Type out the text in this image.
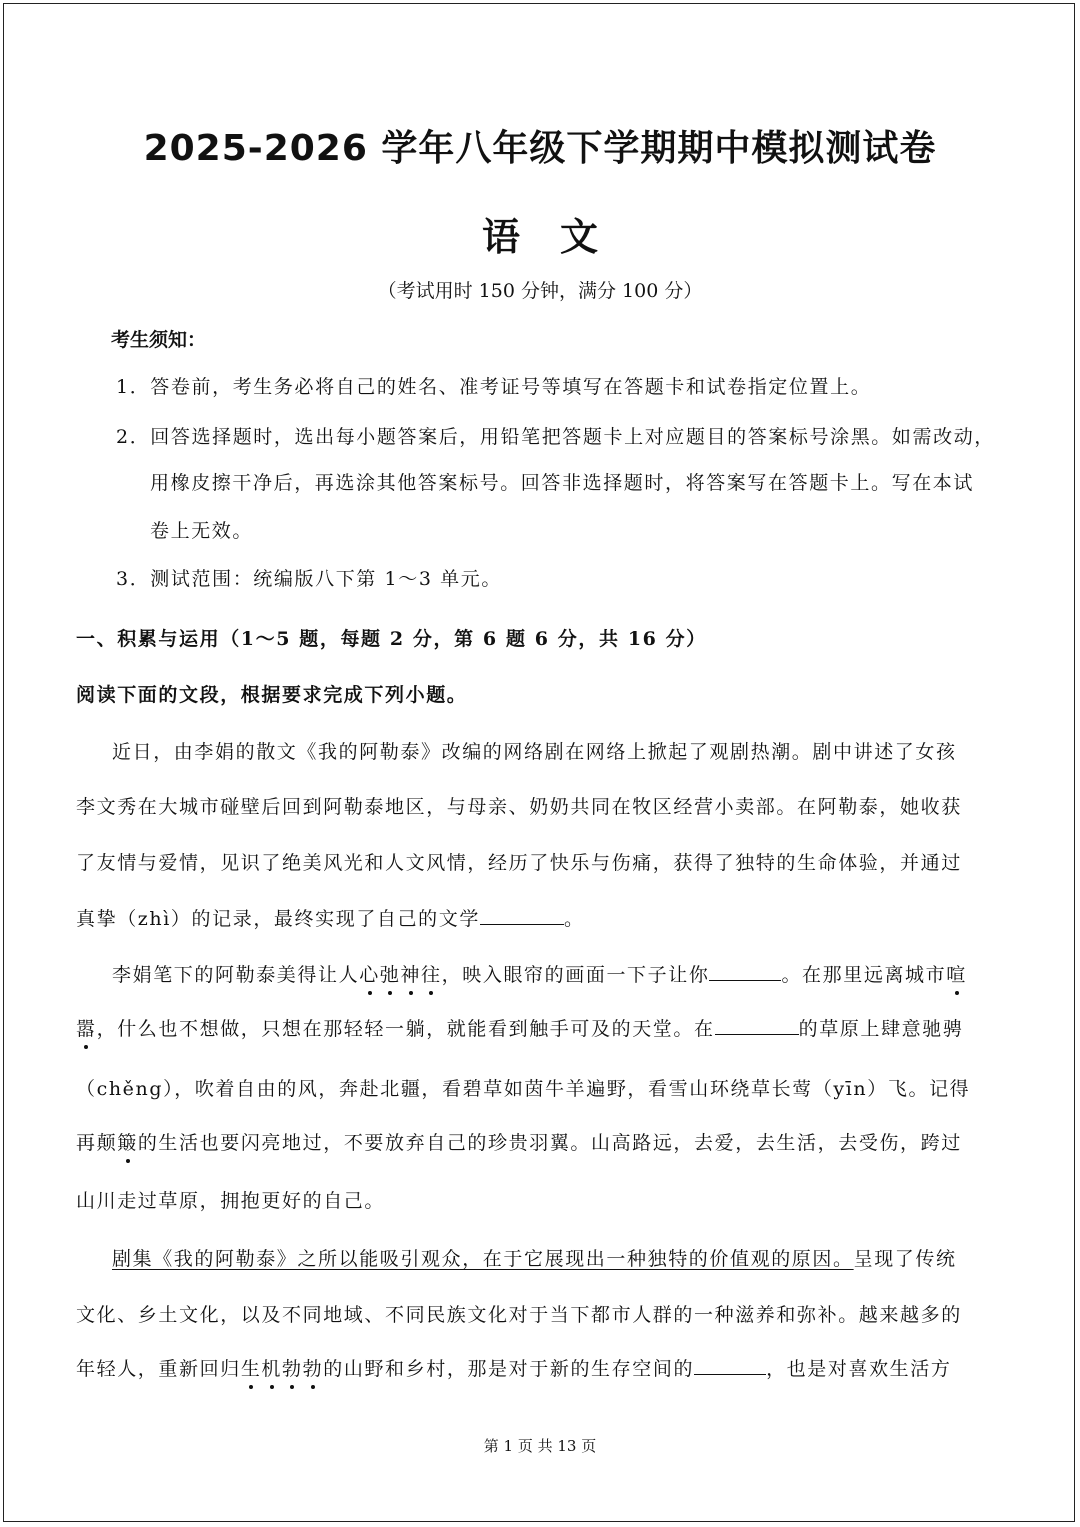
2025-2026 学年八年级下学期期中模拟测试卷
语文
（考试用时 150 分钟，满分 100 分）
考生须知：
1．答卷前，考生务必将自己的姓名、准考证号等填写在答题卡和试卷指定位置上。
2．回答选择题时，选出每小题答案后，用铅笔把答题卡上对应题目的答案标号涂黑。如需改动，
用橡皮擦干净后，再选涂其他答案标号。回答非选择题时，将答案写在答题卡上。写在本试
卷上无效。
3．测试范围：统编版八下第 1～3 单元。
一、积累与运用（1～5 题，每题 2 分，第 6 题 6 分，共 16 分）
阅读下面的文段，根据要求完成下列小题。
近日，由李娟的散文《我的阿勒泰》改编的网络剧在网络上掀起了观剧热潮。剧中讲述了女孩
李文秀在大城市碰壁后回到阿勒泰地区，与母亲、奶奶共同在牧区经营小卖部。在阿勒泰，她收获
了友情与爱情，见识了绝美风光和人文风情，经历了快乐与伤痛，获得了独特的生命体验，并通过
真挚（zhì）的记录，最终实现了自己的文学	。
李娟笔下的阿勒泰美得让人心弛神往，映入眼帘的画面一下子让你	。在那里远离城市喧
嚣，什么也不想做，只想在那轻轻一躺，就能看到触手可及的天堂。在	的草原上肆意驰骋
（chěng），吹着自由的风，奔赴北疆，看碧草如茵牛羊遍野，看雪山环绕草长莺（yīn）飞。记得
再颠簸的生活也要闪亮地过，不要放弃自己的珍贵羽翼。山高路远，去爱，去生活，去受伤，跨过
山川走过草原，拥抱更好的自己。
剧集《我的阿勒泰》之所以能吸引观众，在于它展现出一种独特的价值观的原因。呈现了传统
文化、乡土文化，以及不同地域、不同民族文化对于当下都市人群的一种滋养和弥补。越来越多的
年轻人，重新回归生机勃勃的山野和乡村，那是对于新的生存空间的	，也是对喜欢生活方
第 1 页 共 13 页
